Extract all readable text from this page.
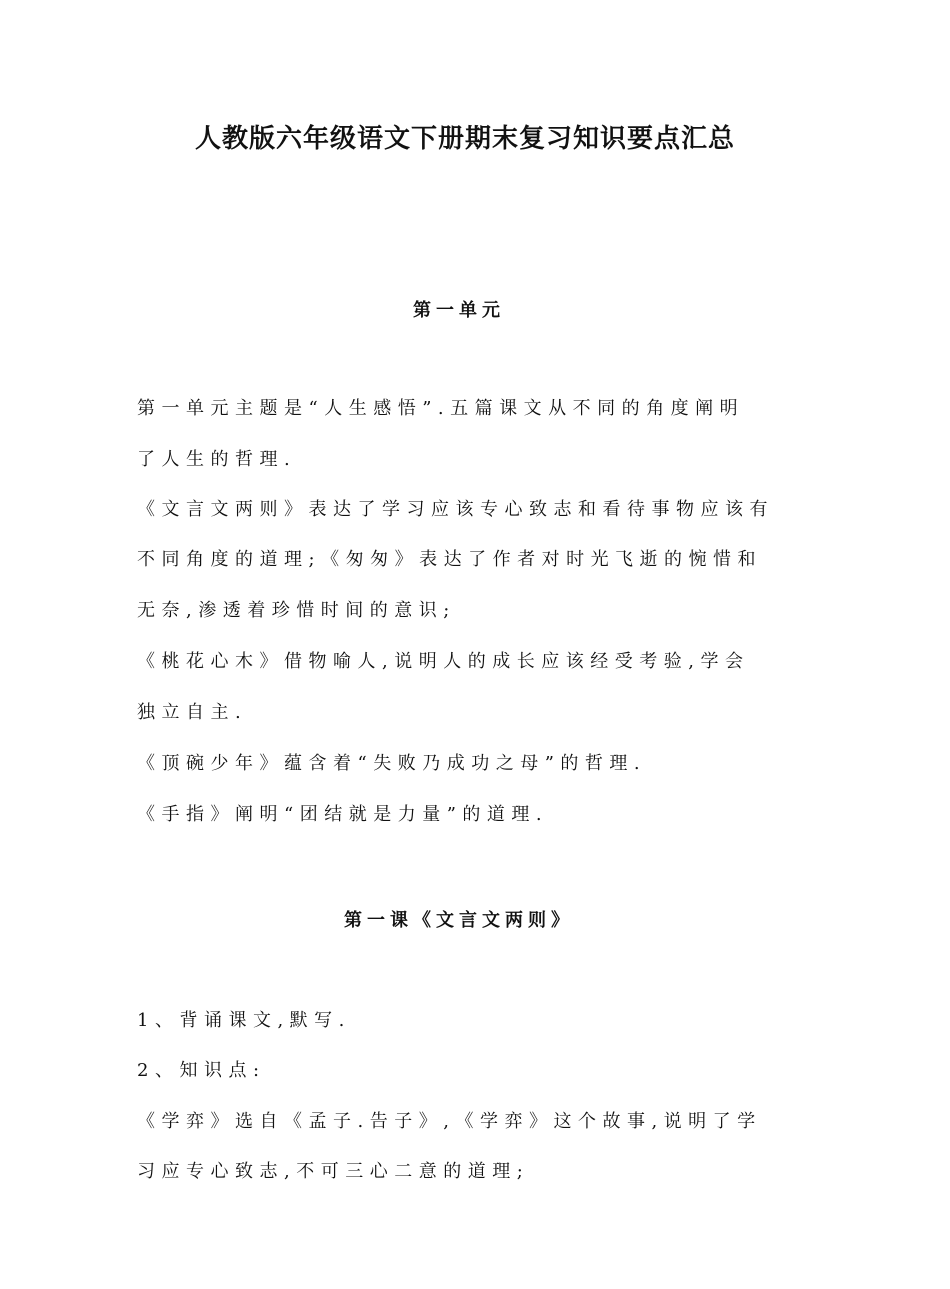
人教版六年级语文下册期末复习知识要点汇总
第一单元

第一单元主题是“人生感悟”.五篇课文从不同的角度阐明

了人生的哲理.

《文言文两则》表达了学习应该专心致志和看待事物应该有

不同角度的道理;《匆匆》表达了作者对时光飞逝的惋惜和

无奈,渗透着珍惜时间的意识;

《桃花心木》借物喻人,说明人的成长应该经受考验,学会

独立自主.

《顶碗少年》蕴含着“失败乃成功之母”的哲理.

《手指》阐明“团结就是力量”的道理.

第一课《文言文两则》

1、背诵课文,默写.

2、知识点:

《学弈》选自《孟子.告子》,《学弈》这个故事,说明了学

习应专心致志,不可三心二意的道理;
